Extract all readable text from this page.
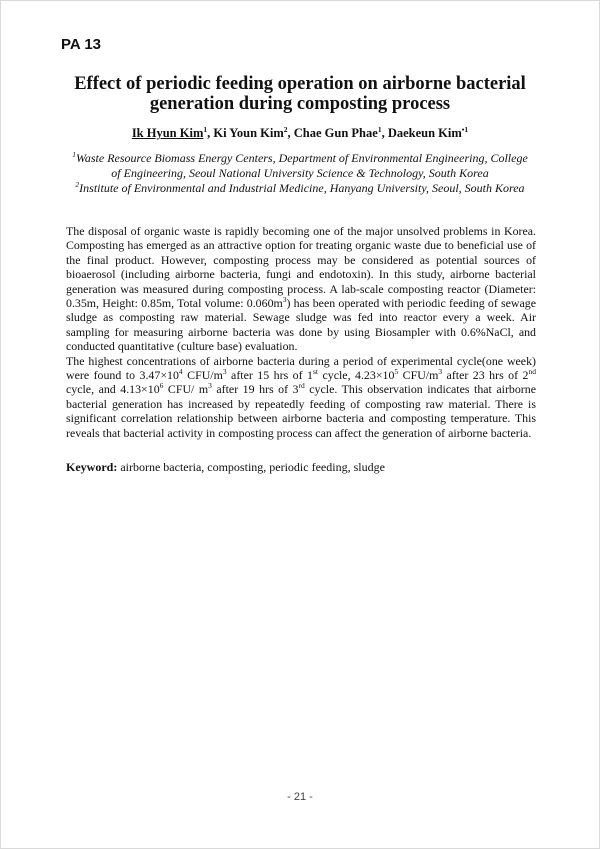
PA 13
Effect of periodic feeding operation on airborne bacterial
generation during composting process
Ik Hyun Kim$^1$, Ki Youn Kim$^2$, Chae Gun Phae$^1$, Daekeun Kim$^{•1}$
$^1$Waste Resource Biomass Energy Centers, Department of Environmental Engineering, College
of Engineering, Seoul National University Science & Technology, South Korea
$^2$Institute of Environmental and Industrial Medicine, Hanyang University, Seoul, South Korea

The disposal of organic waste is rapidly becoming one of the major unsolved problems in Korea. Composting has emerged as an attractive option for treating organic waste due to beneficial use of the final product. However, composting process may be considered as potential sources of bioaerosol (including airborne bacteria, fungi and endotoxin). In this study, airborne bacterial generation was measured during composting process. A lab-scale composting reactor (Diameter: 0.35m, Height: 0.85m, Total volume: $0.060m^3$) has been operated with periodic feeding of sewage sludge as composting raw material. Sewage sludge was fed into reactor every a week. Air sampling for measuring airborne bacteria was done by using Biosampler with 0.6%NaCl, and conducted quantitative (culture base) evaluation.

The highest concentrations of airborne bacteria during a period of experimental cycle(one week) were found to $3.47\times 10^4$ CFU/$m^3$ after 15 hrs of 1st cycle, $4.23\times 10^5$ CFU/$m^3$ after 23 hrs of 2nd cycle, and $4.13\times 10^6$ CFU/ $m^3$ after 19 hrs of 3rd cycle. This observation indicates that airborne bacterial generation has increased by repeatedly feeding of composting raw material. There is significant correlation relationship between airborne bacteria and composting temperature. This reveals that bacterial activity in composting process can affect the generation of airborne bacteria.

Keyword: airborne bacteria, composting, periodic feeding, sludge
- 21 -
